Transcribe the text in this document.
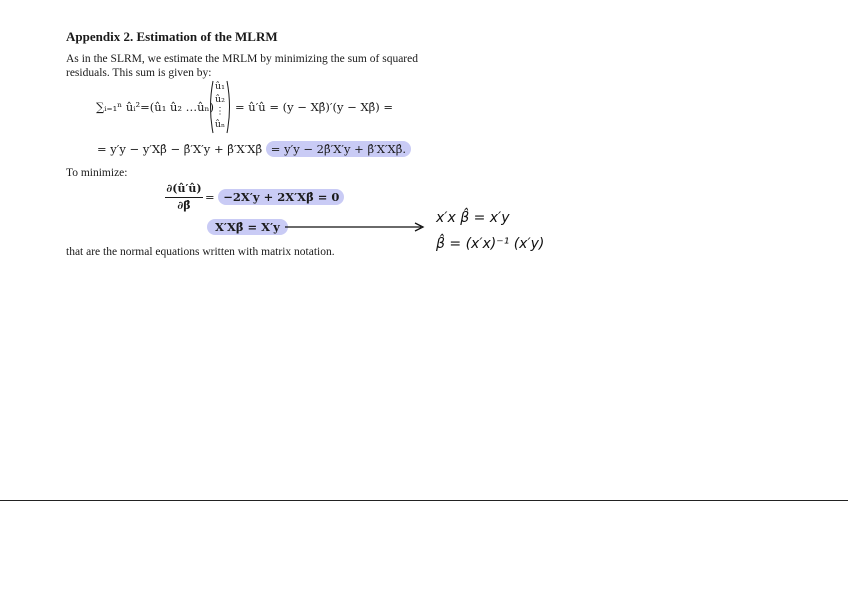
Appendix 2. Estimation of the MLRM
As in the SLRM, we estimate the MRLM by minimizing the sum of squared residuals. This sum is given by:
∑ᵢ₌₁ⁿ ûᵢ²=(û₁ û₂ …ûₙ)
û₁
û₂
⋮
ûₙ
= û′û = (y − Xβ̂)′(y − Xβ̂) =
= y′y − y′Xβ̂ − β̂′X′y + β̂′X′Xβ̂ = y′y − 2β̂′X′y + β̂′X′Xβ̂.
To minimize:
∂(û′û)
∂β̂
= −2X′y + 2X′Xβ̂ = 0
X′Xβ̂ = X′y
that are the normal equations written with matrix notation.
x′x β̂ = x′y
β̂ = (x′x)⁻¹ (x′y)
